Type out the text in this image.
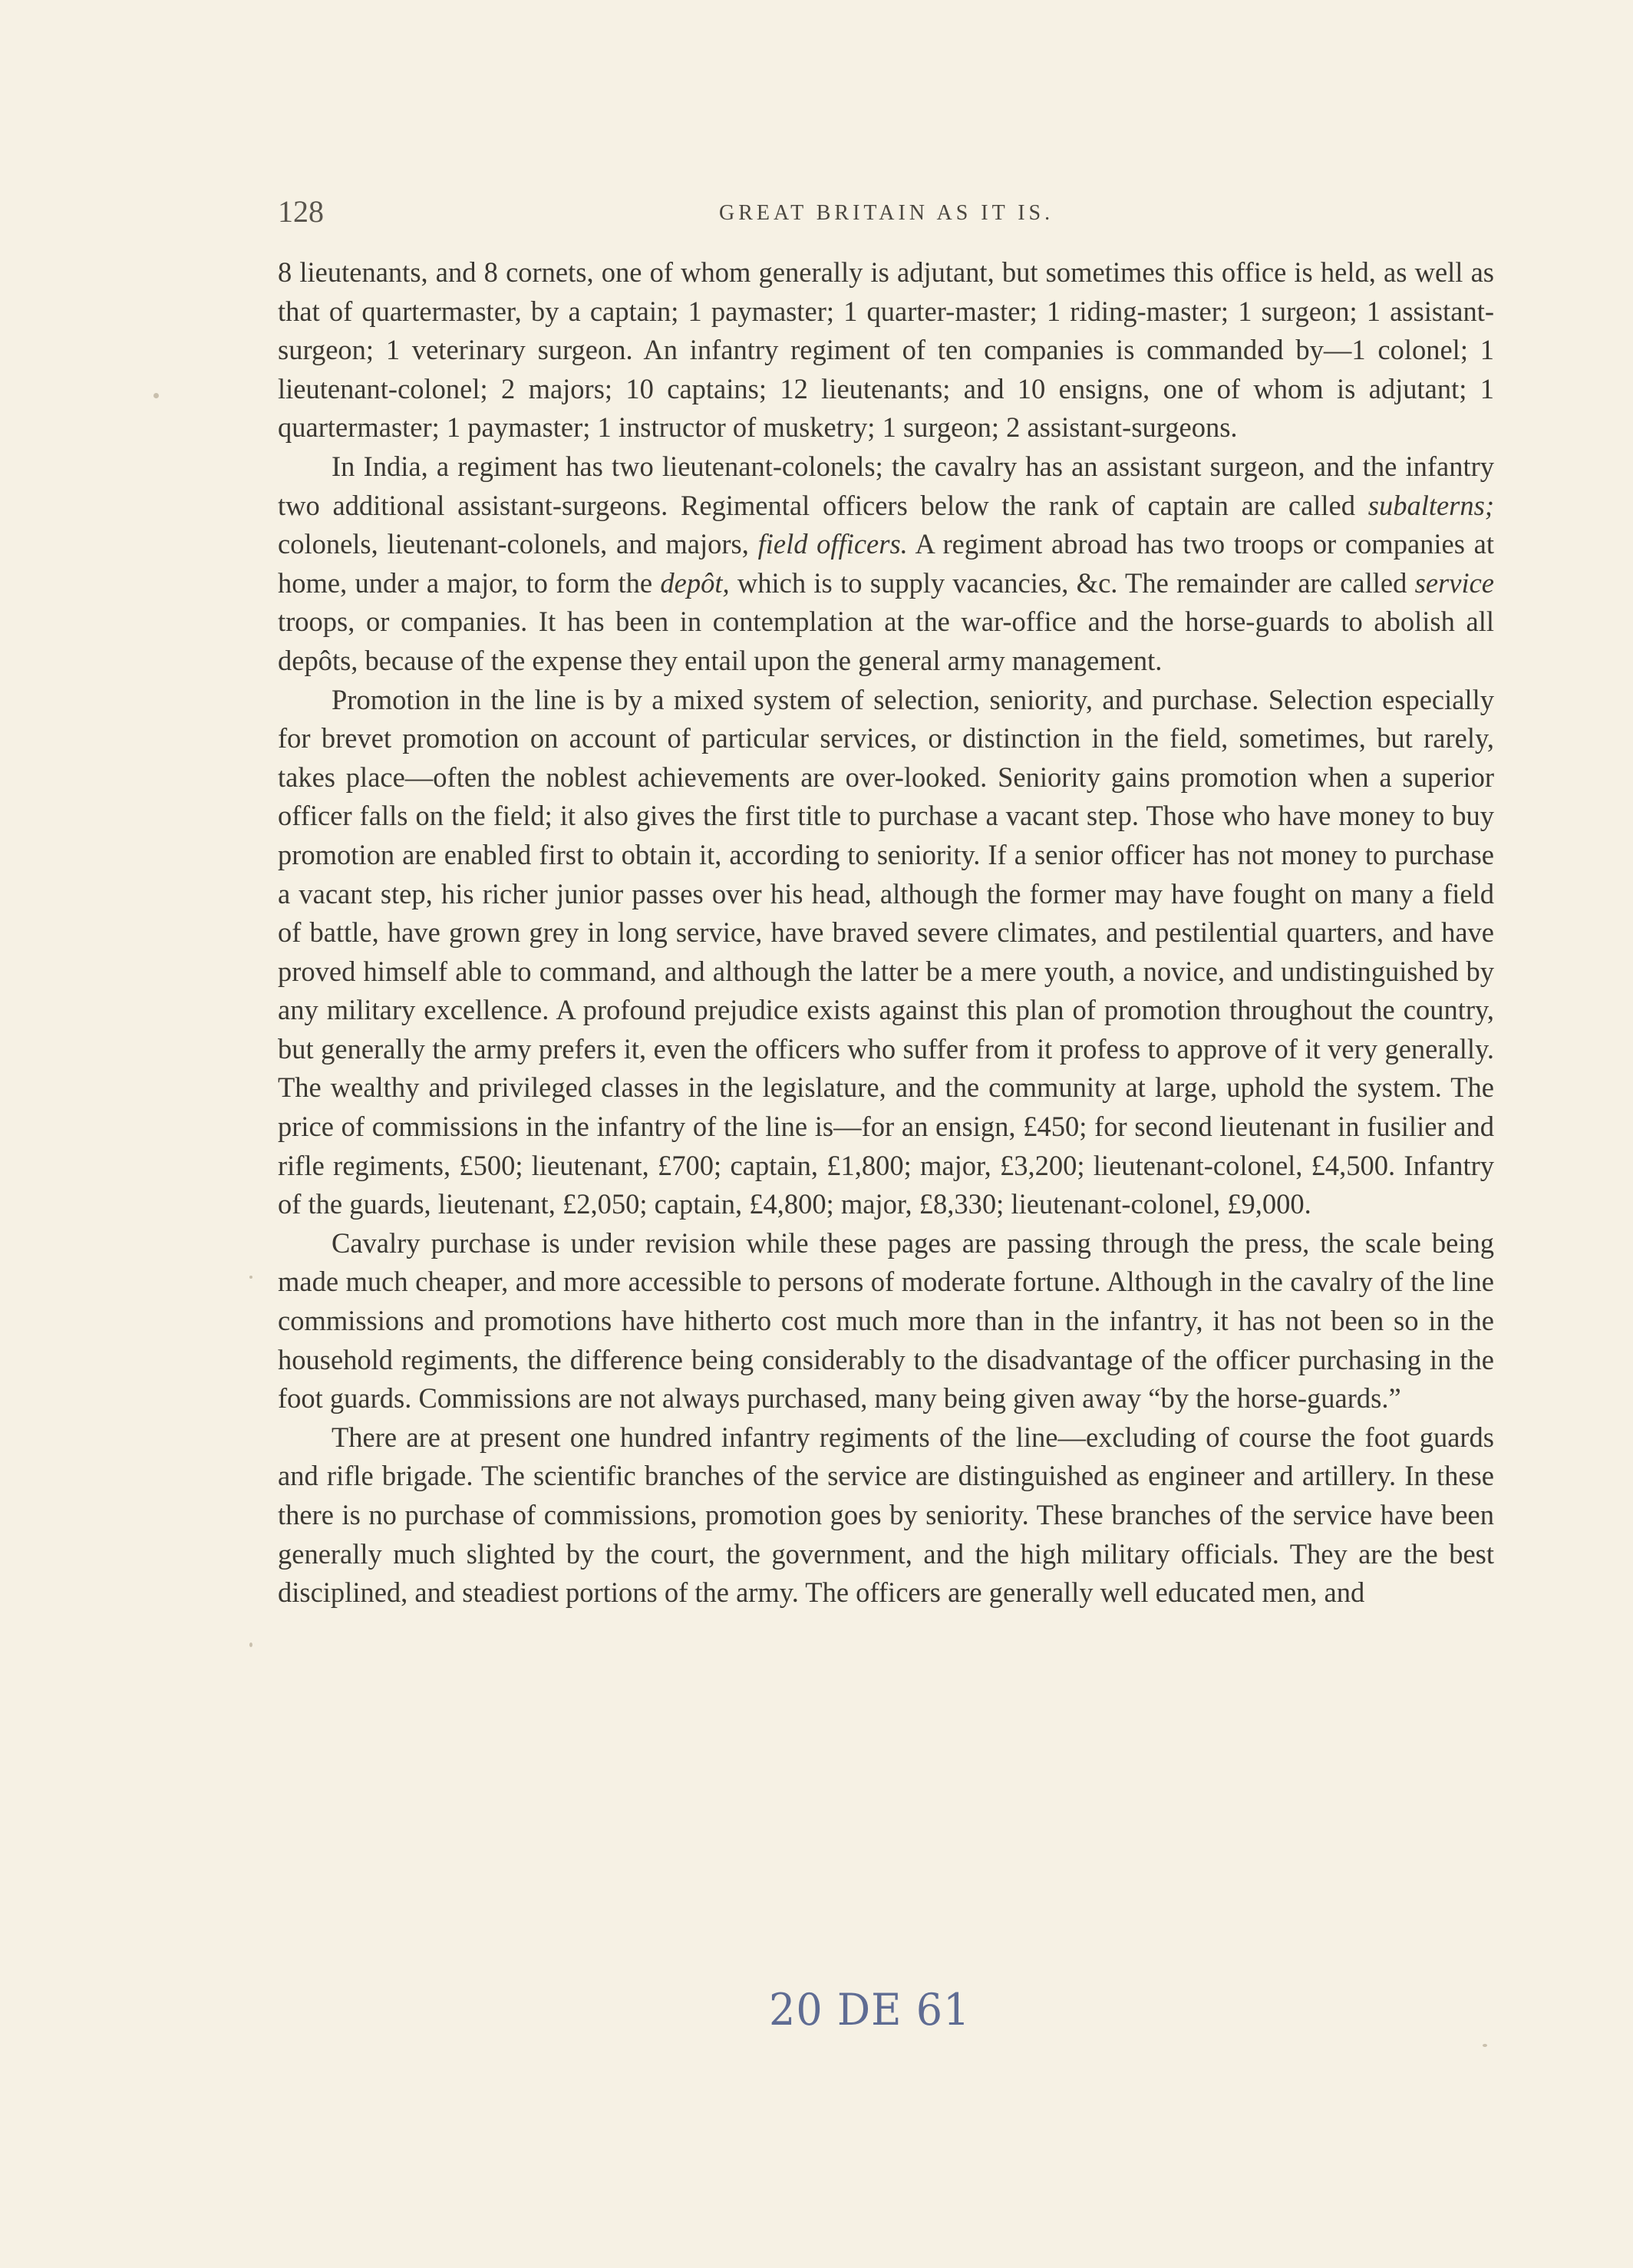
128	GREAT BRITAIN AS IT IS.

8 lieutenants, and 8 cornets, one of whom generally is adjutant, but sometimes this office is held, as well as that of quartermaster, by a captain; 1 paymaster; 1 quarter-master; 1 riding-master; 1 surgeon; 1 assistant-surgeon; 1 veterinary surgeon. An infantry regiment of ten companies is commanded by—1 colonel; 1 lieutenant-colonel; 2 majors; 10 captains; 12 lieutenants; and 10 ensigns, one of whom is adjutant; 1 quartermaster; 1 paymaster; 1 instructor of musketry; 1 surgeon; 2 assistant-surgeons.

In India, a regiment has two lieutenant-colonels; the cavalry has an assistant surgeon, and the infantry two additional assistant-surgeons. Regimental officers below the rank of captain are called subalterns; colonels, lieutenant-colonels, and majors, field officers. A regiment abroad has two troops or companies at home, under a major, to form the depôt, which is to supply vacancies, &c. The remainder are called service troops, or companies. It has been in contemplation at the war-office and the horse-guards to abolish all depôts, because of the expense they entail upon the general army management.

Promotion in the line is by a mixed system of selection, seniority, and purchase. Selection especially for brevet promotion on account of particular services, or distinction in the field, sometimes, but rarely, takes place—often the noblest achievements are over-looked. Seniority gains promotion when a superior officer falls on the field; it also gives the first title to purchase a vacant step. Those who have money to buy promotion are enabled first to obtain it, according to seniority. If a senior officer has not money to purchase a vacant step, his richer junior passes over his head, although the former may have fought on many a field of battle, have grown grey in long service, have braved severe climates, and pestilential quarters, and have proved himself able to command, and although the latter be a mere youth, a novice, and undistinguished by any military excellence. A profound prejudice exists against this plan of promotion throughout the country, but generally the army prefers it, even the officers who suffer from it profess to approve of it very generally. The wealthy and privileged classes in the legislature, and the community at large, uphold the system. The price of commissions in the infantry of the line is—for an ensign, £450; for second lieutenant in fusilier and rifle regiments, £500; lieutenant, £700; captain, £1,800; major, £3,200; lieutenant-colonel, £4,500. Infantry of the guards, lieutenant, £2,050; captain, £4,800; major, £8,330; lieutenant-colonel, £9,000.

Cavalry purchase is under revision while these pages are passing through the press, the scale being made much cheaper, and more accessible to persons of moderate fortune. Although in the cavalry of the line commissions and promotions have hitherto cost much more than in the infantry, it has not been so in the household regiments, the difference being considerably to the disadvantage of the officer purchasing in the foot guards. Commissions are not always purchased, many being given away “by the horse-guards.”

There are at present one hundred infantry regiments of the line—excluding of course the foot guards and rifle brigade. The scientific branches of the service are distinguished as engineer and artillery. In these there is no purchase of commissions, promotion goes by seniority. These branches of the service have been generally much slighted by the court, the government, and the high military officials. They are the best disciplined, and steadiest portions of the army. The officers are generally well educated men, and

20 DE 61
